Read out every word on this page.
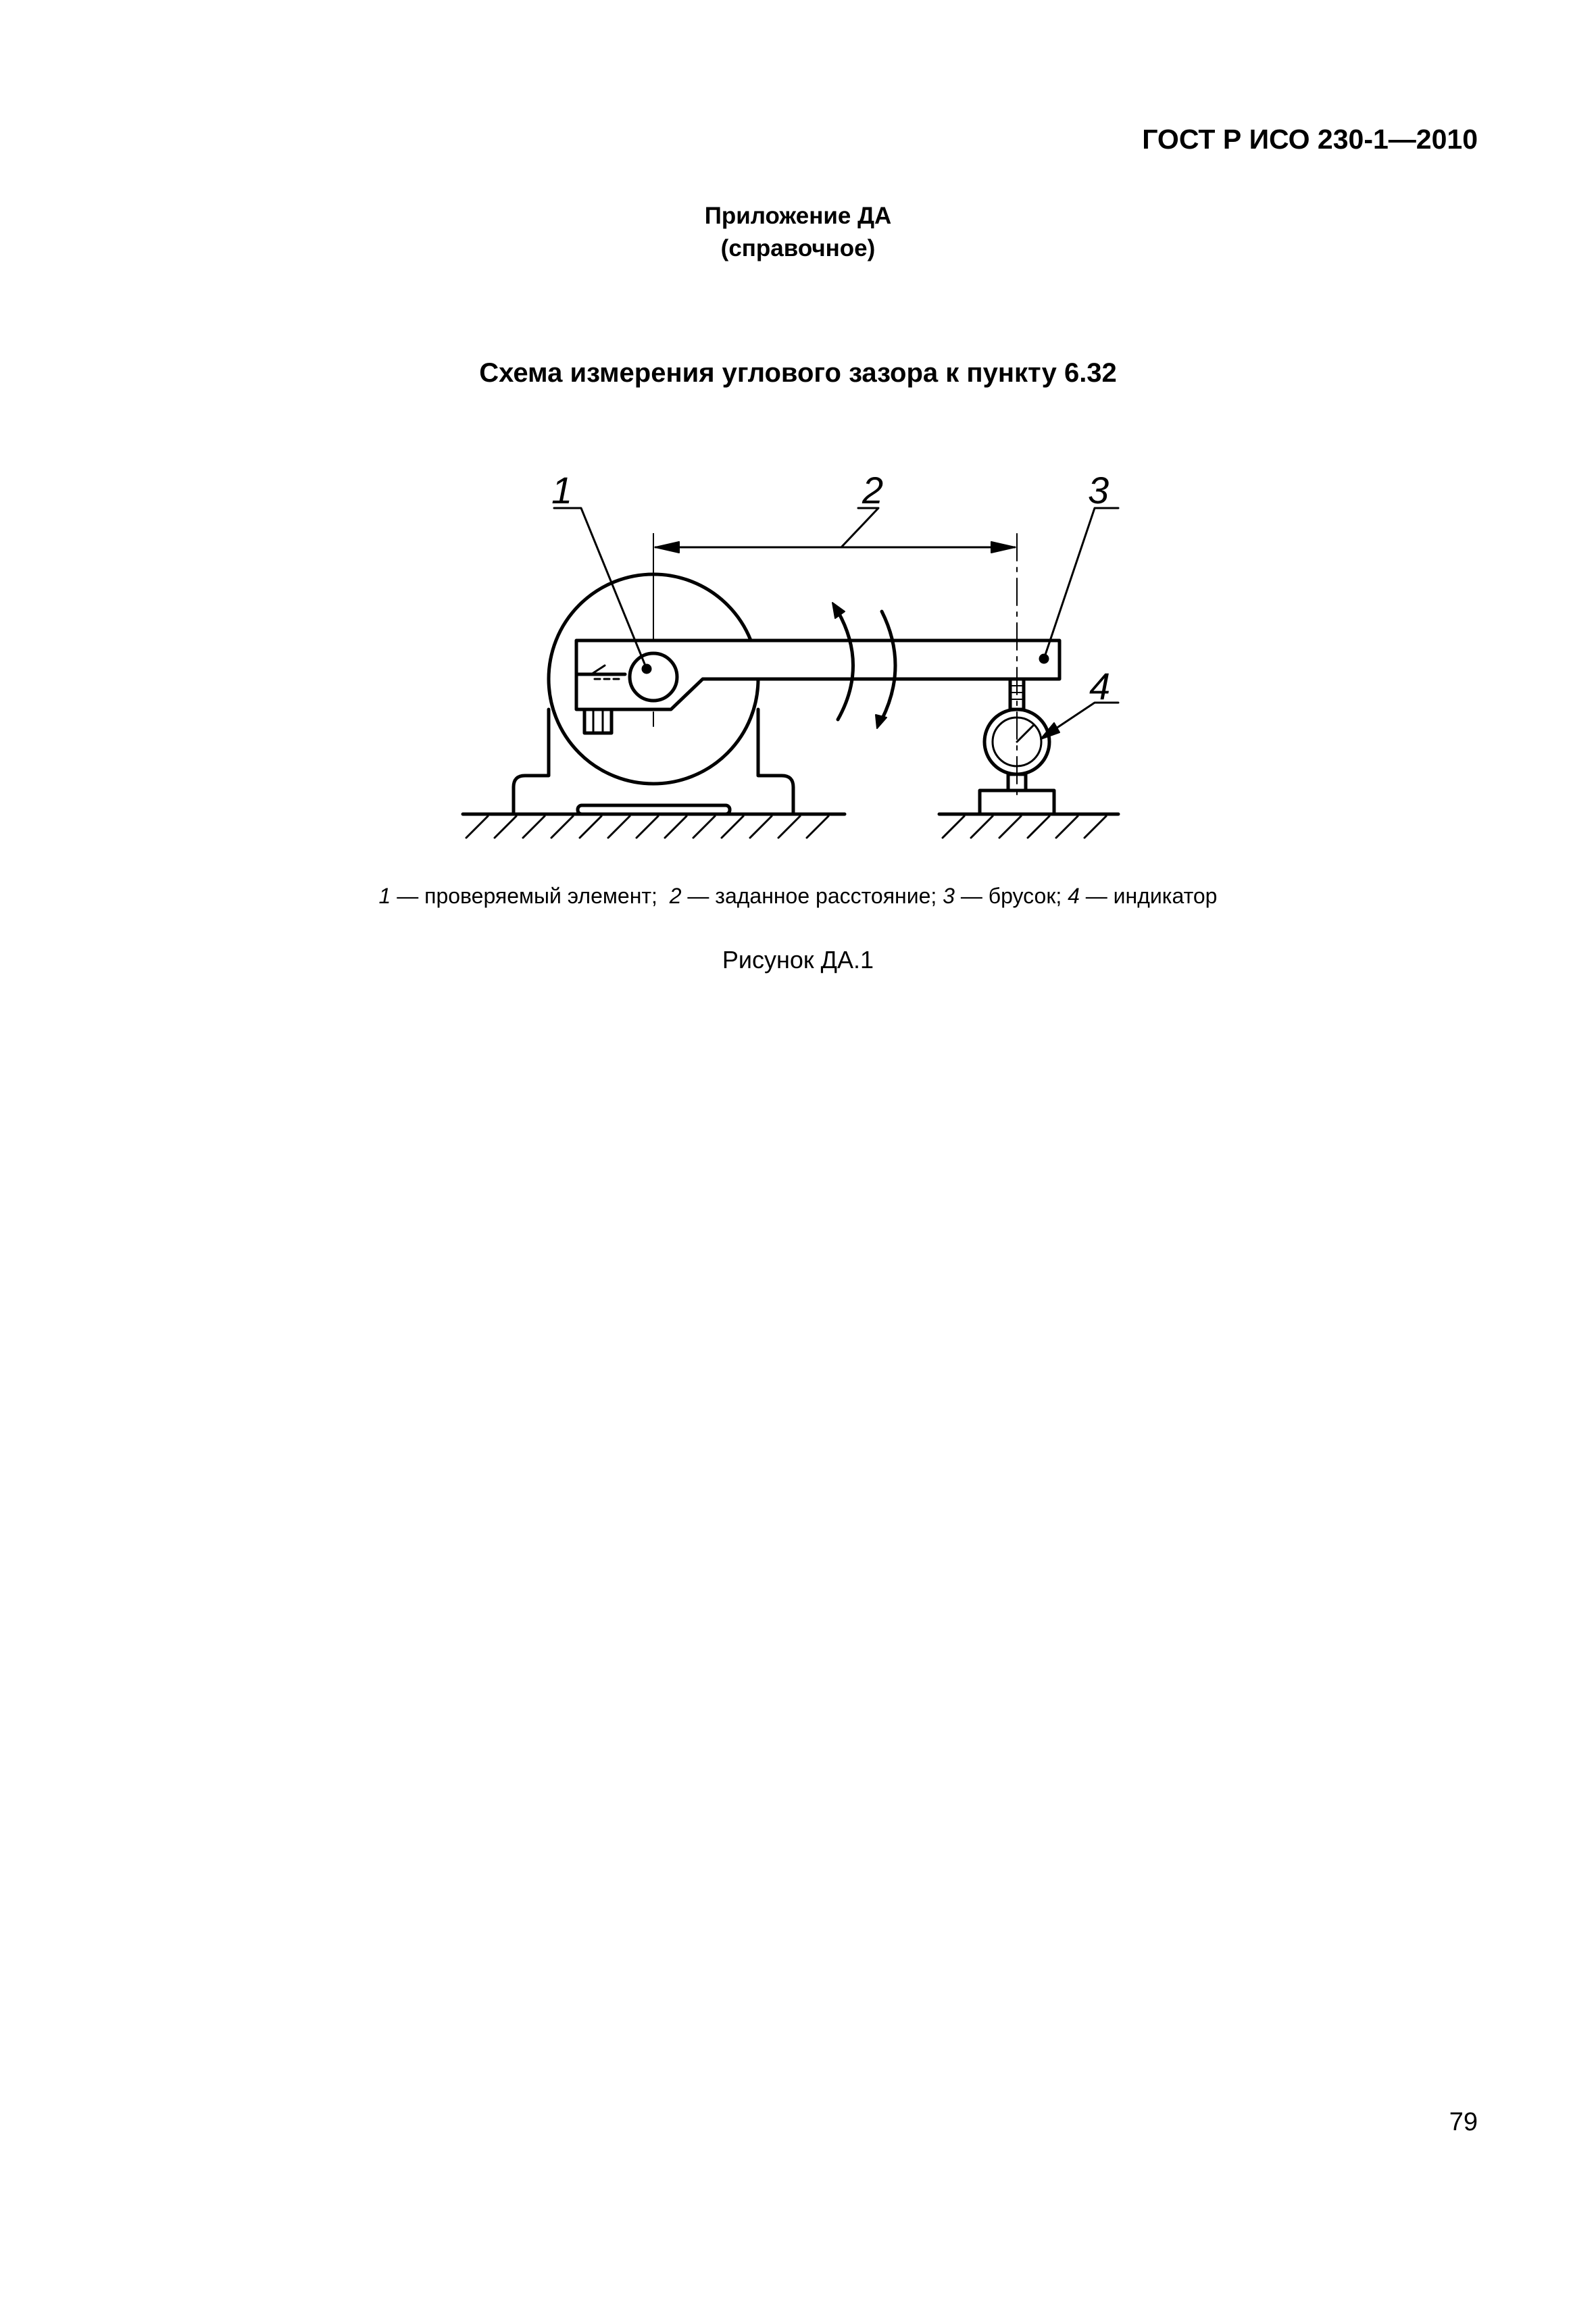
ГОСТ Р ИСО 230-1—2010
Приложение ДА
(справочное)
Схема измерения углового зазора к пункту 6.32
1	2	3
4
1 — проверяемый элемент; 2 — заданное расстояние; 3 — брусок; 4 — индикатор
Рисунок ДА.1
79
